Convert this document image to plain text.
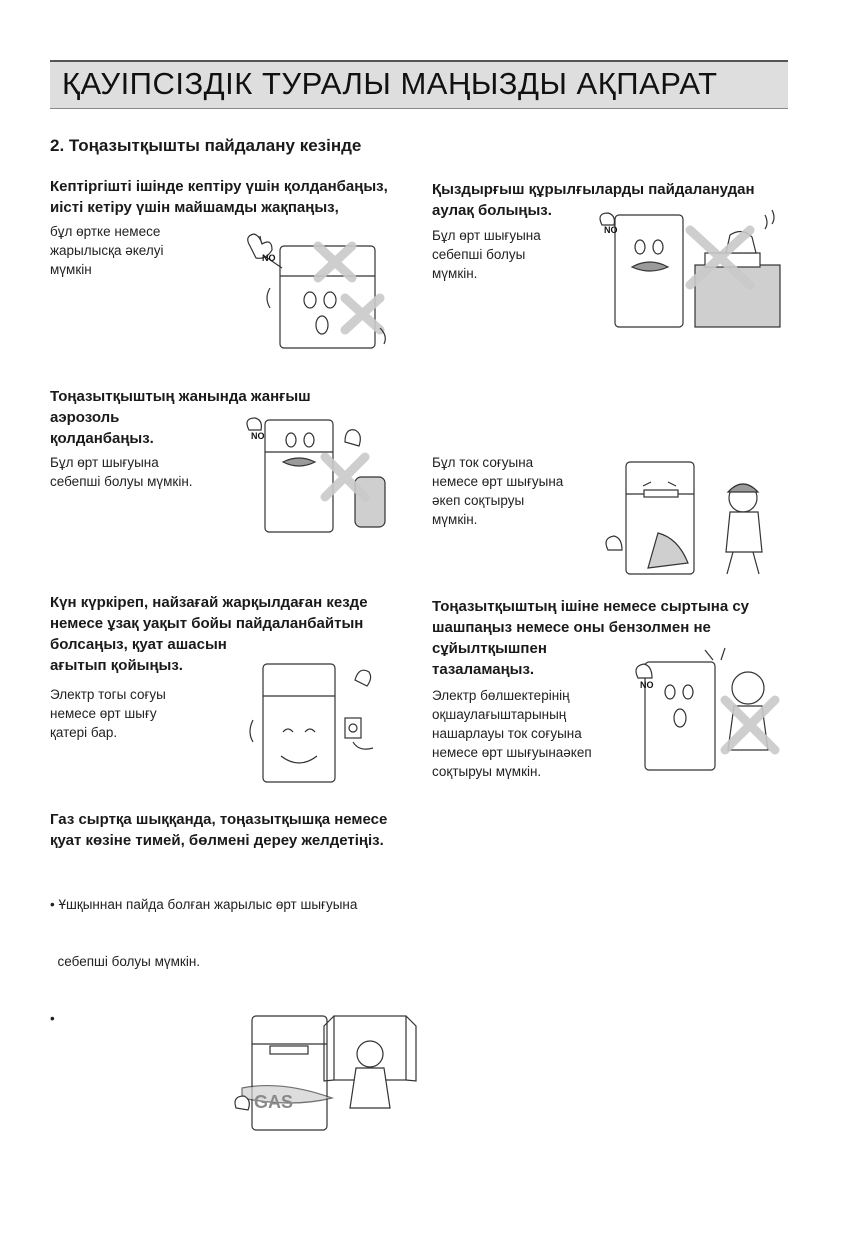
ҚАУІПСІЗДІК ТУРАЛЫ МАҢЫЗДЫ АҚПАРАТ
2. Тоңазытқышты пайдалану кезінде
Кептіргішті ішінде кептіру үшін қолданбаңыз,
иісті кетіру үшін майшамды жақпаңыз,
бұл өртке немесе
жарылысқа әкелуі
мүмкін
NO
Қыздырғыш құрылғыларды пайдаланудан
аулақ болыңыз.
Бұл өрт шығуына
себепші болуы
мүмкін.
NO
Тоңазытқыштың жанында жанғыш
аэрозоль
қолданбаңыз.
Бұл өрт шығуына
себепші болуы мүмкін.
NO
Бұл ток соғуына
немесе өрт шығуына
әкеп соқтыруы
мүмкін.
Күн күркіреп, найзағай жарқылдаған кезде
немесе ұзақ уақыт бойы пайдаланбайтын
болсаңыз, қуат ашасын
ағытып қойыңыз.
Электр тогы соғуы
немесе өрт шығу
қатері бар.
Тоңазытқыштың ішіне немесе сыртына су
шашпаңыз немесе оны бензолмен не
сұйылтқышпен
тазаламаңыз.
Электр бөлшектерінің
оқшаулағыштарының
нашарлауы ток соғуына
немесе өрт шығуынаәкеп
соқтыруы мүмкін.
NO
Газ сыртқа шыққанда, тоңазытқышқа немесе
қуат көзіне тимей, бөлмені дереу желдетіңіз.

• Ұшқыннан пайда болған жарылыс өрт шығуына

себепші болуы мүмкін.

•

GAS
